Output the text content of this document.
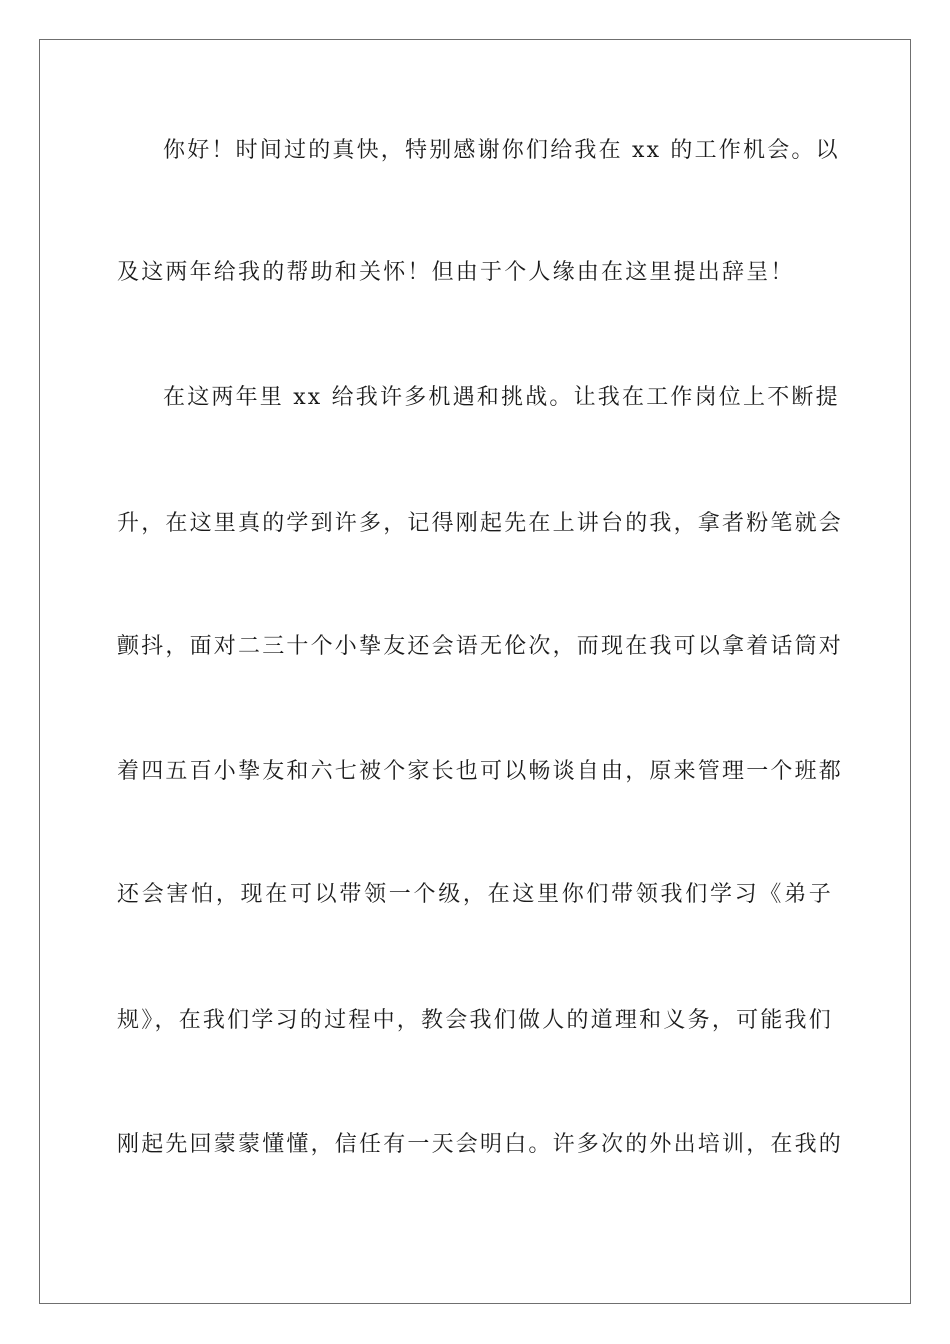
你好！时间过的真快，特别感谢你们给我在 xx 的工作机会。以
及这两年给我的帮助和关怀！但由于个人缘由在这里提出辞呈！
在这两年里 xx 给我许多机遇和挑战。让我在工作岗位上不断提
升，在这里真的学到许多，记得刚起先在上讲台的我，拿者粉笔就会
颤抖，面对二三十个小挚友还会语无伦次，而现在我可以拿着话筒对
着四五百小挚友和六七被个家长也可以畅谈自由，原来管理一个班都
还会害怕，现在可以带领一个级，在这里你们带领我们学习《弟子
规》，在我们学习的过程中，教会我们做人的道理和义务，可能我们
刚起先回蒙蒙懂懂，信任有一天会明白。许多次的外出培训，在我的
